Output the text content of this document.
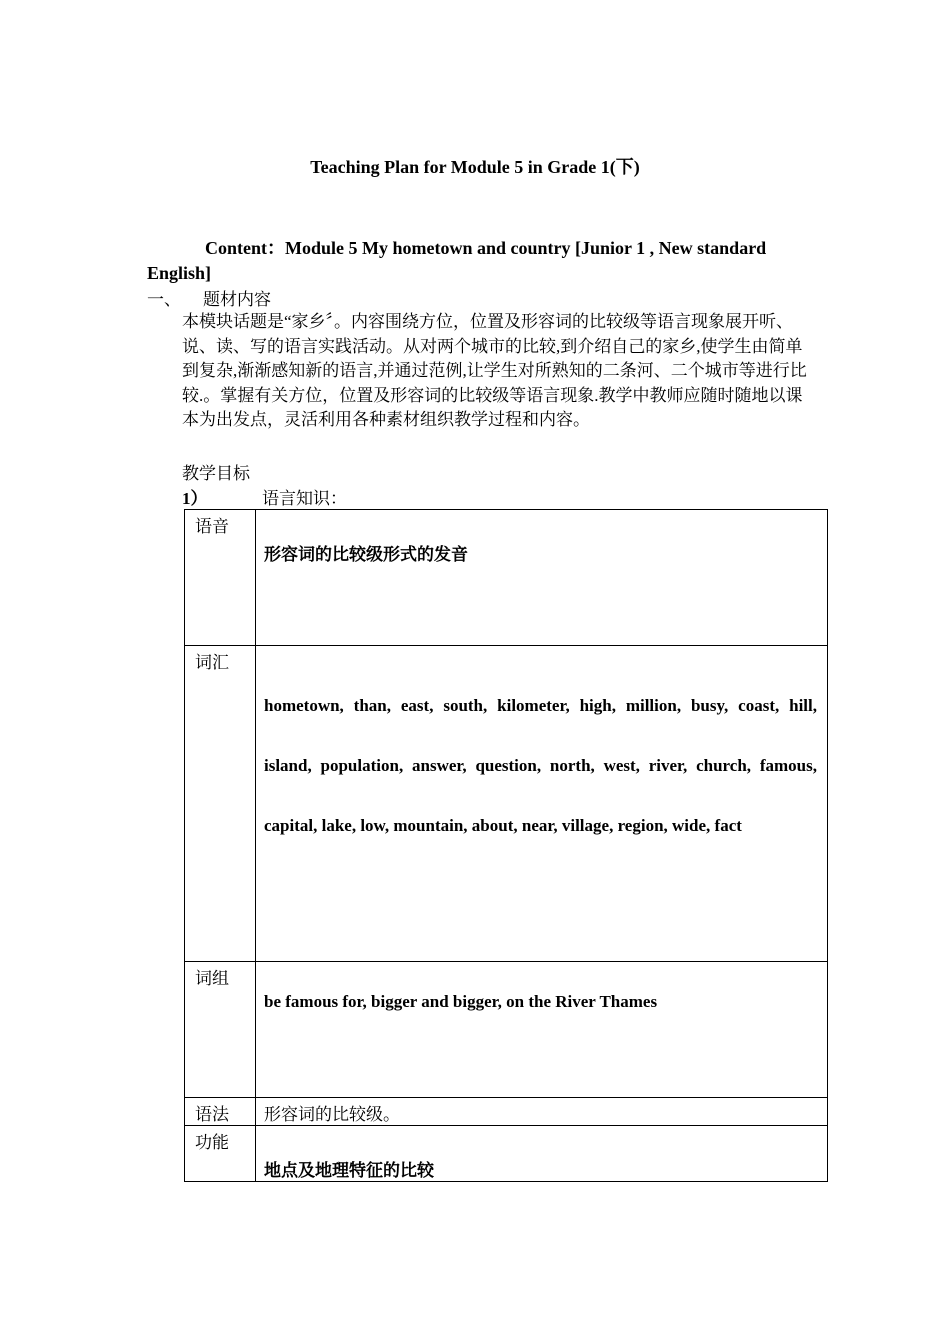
Teaching Plan for Module 5 in Grade 1(下)
Content：Module 5 My hometown and country [Junior 1 , New standard
English]
一、 题材内容
本模块话题是“家乡〞。内容围绕方位，位置及形容词的比较级等语言现象展开听、说、读、写的语言实践活动。从对两个城市的比较,到介绍自己的家乡,使学生由简单到复杂,渐渐感知新的语言,并通过范例,让学生对所熟知的二条河、二个城市等进行比较.。掌握有关方位，位置及形容词的比较级等语言现象.教学中教师应随时随地以课本为出发点，灵活利用各种素材组织教学过程和内容。
教学目标
1）	语言知识：
语音	形容词的比较级形式的发音

词汇	hometown, than, east, south, kilometer, high, million, busy, coast, hill, island, population, answer, question, north, west, river, church, famous, capital, lake, low, mountain, about, near, village, region, wide, fact

词组	be famous for, bigger and bigger, on the River Thames

语法	形容词的比较级。

功能	地点及地理特征的比较
